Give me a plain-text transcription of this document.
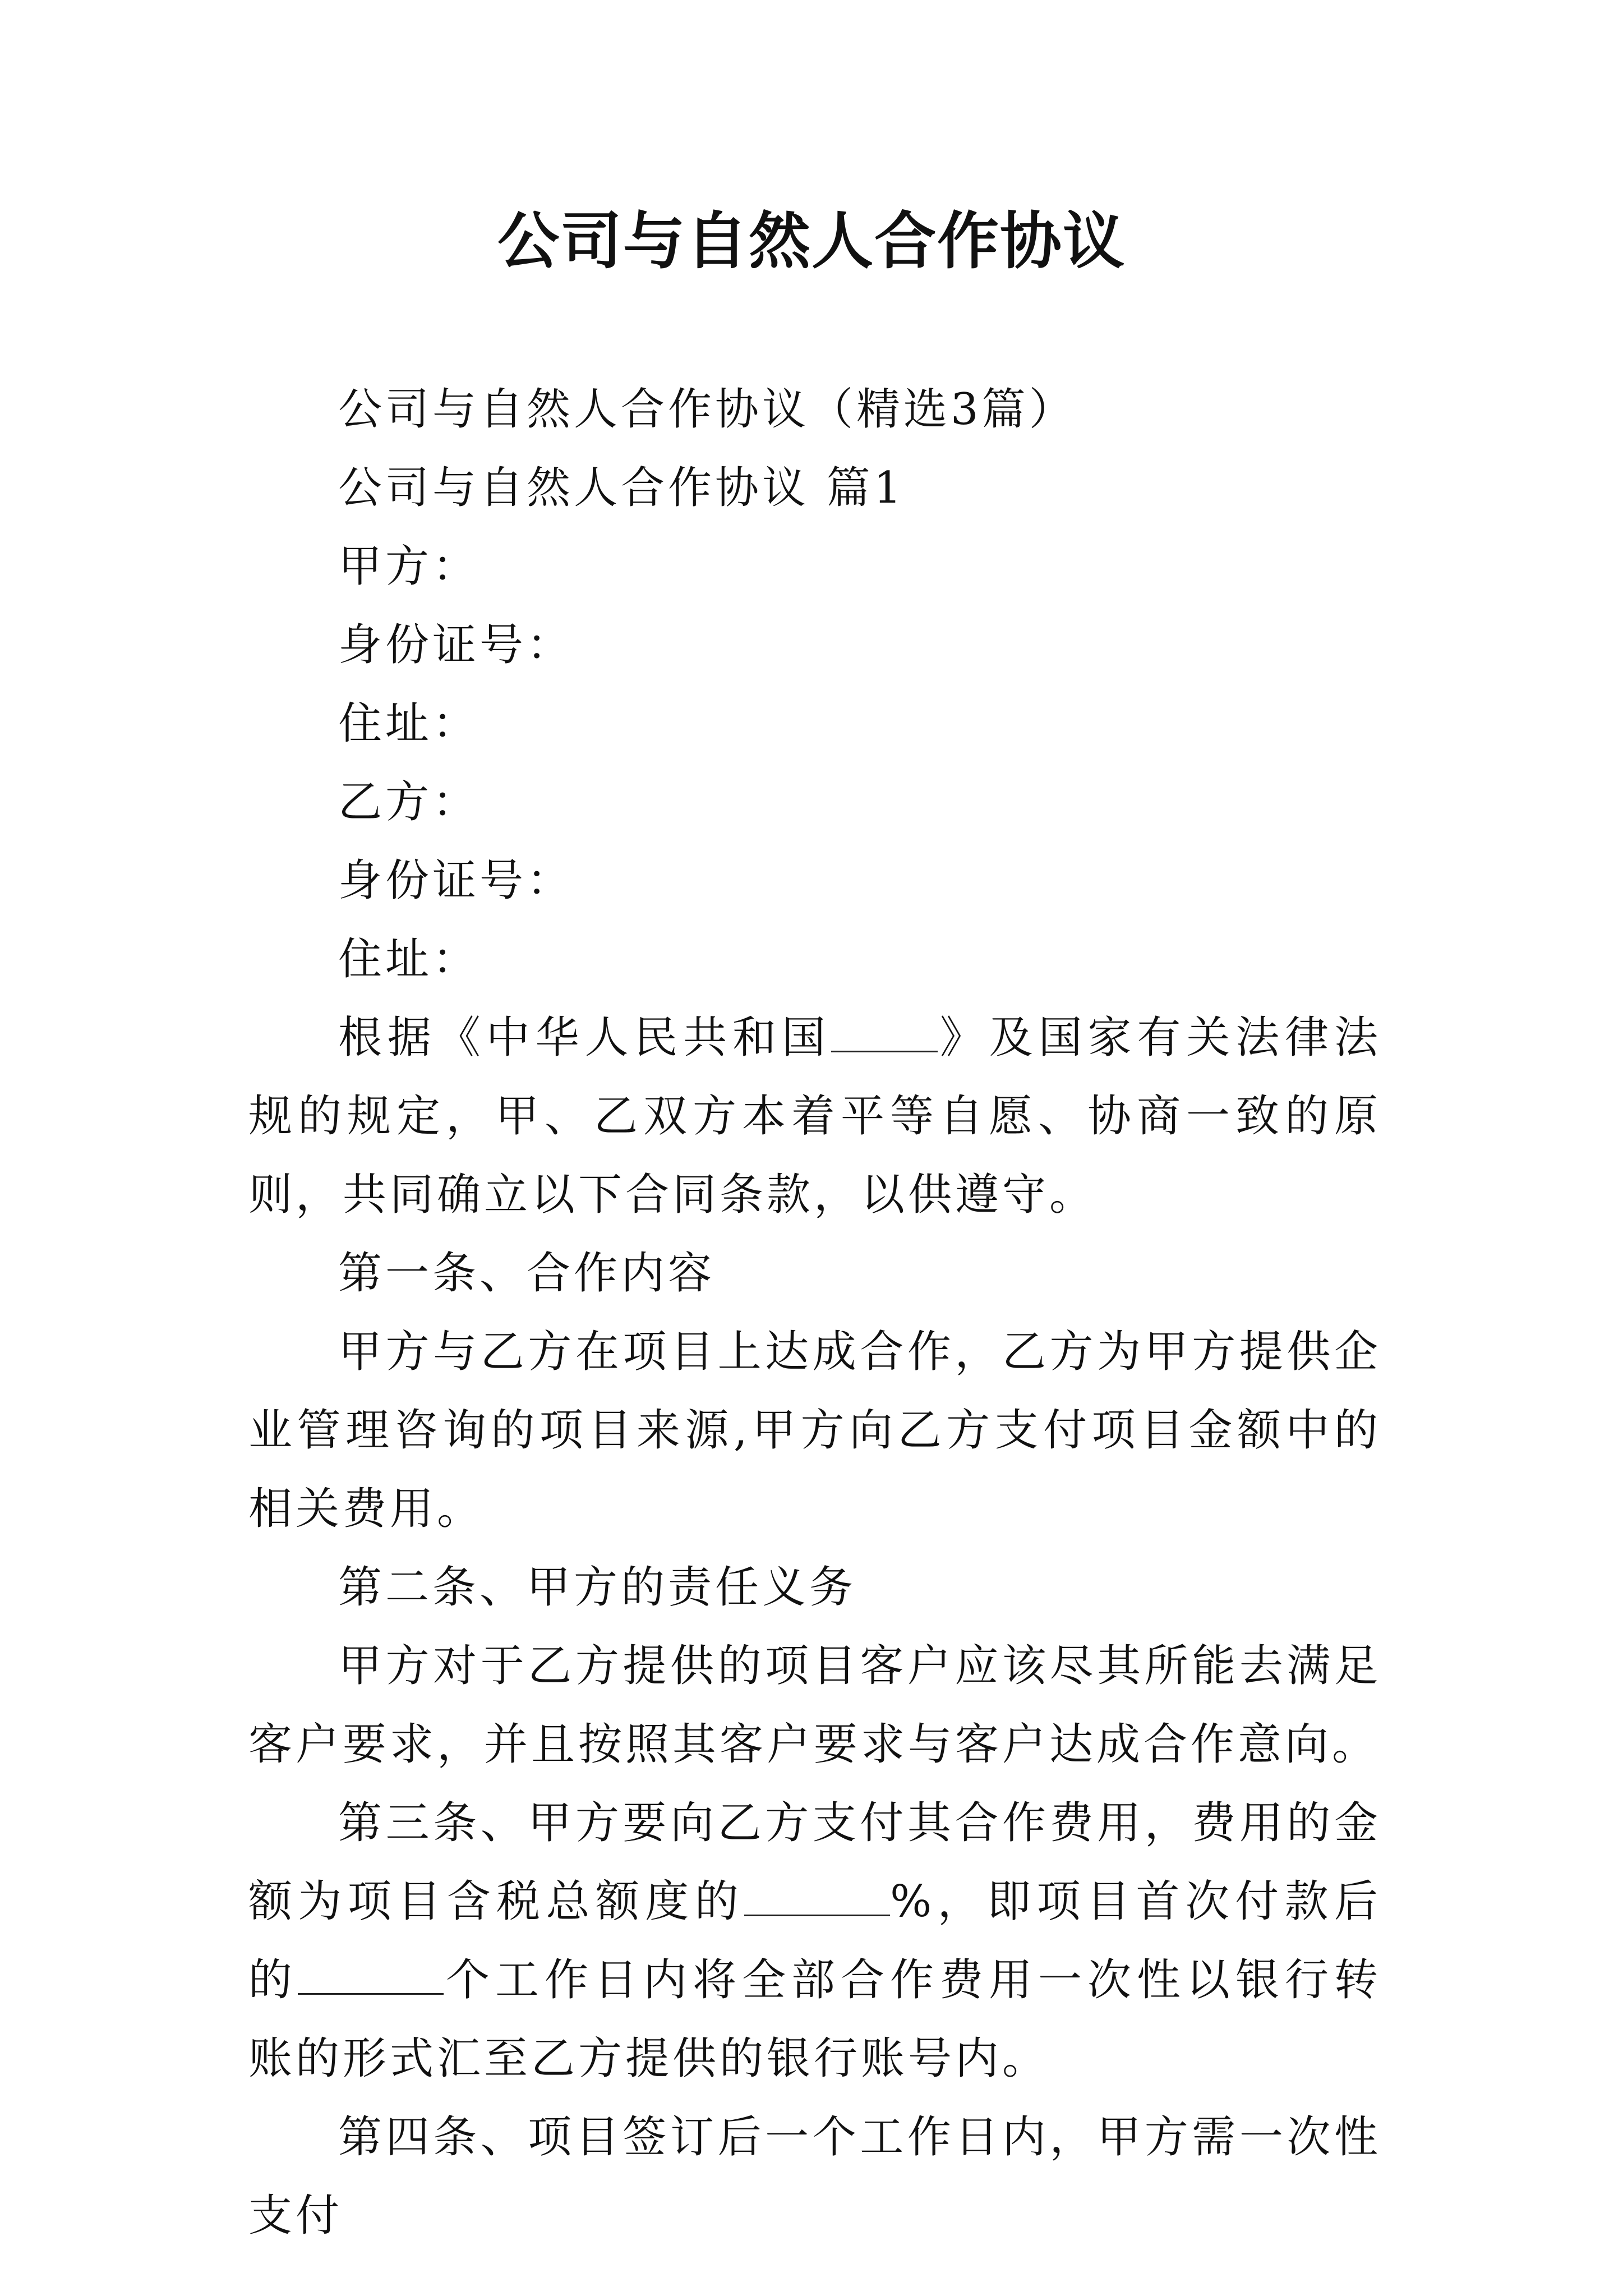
公司与自然人合作协议

公司与自然人合作协议（精选3篇）

公司与自然人合作协议 篇1

甲方：

身份证号：

住址：

乙方：

身份证号：

住址：

根据《中华人民共和国 》及国家有关法律法规的规定，甲、乙双方本着平等自愿、协商一致的原则，共同确立以下合同条款，以供遵守。

第一条、合作内容

甲方与乙方在项目上达成合作，乙方为甲方提供企业管理咨询的项目来源,甲方向乙方支付项目金额中的相关费用。

第二条、甲方的责任义务

甲方对于乙方提供的项目客户应该尽其所能去满足客户要求，并且按照其客户要求与客户达成合作意向。

第三条、甲方要向乙方支付其合作费用，费用的金额为项目含税总额度的	%，即项目首次付款后的	个工作日内将全部合作费用一次性以银行转账的形式汇至乙方提供的银行账号内。

第四条、项目签订后一个工作日内，甲方需一次性支付
